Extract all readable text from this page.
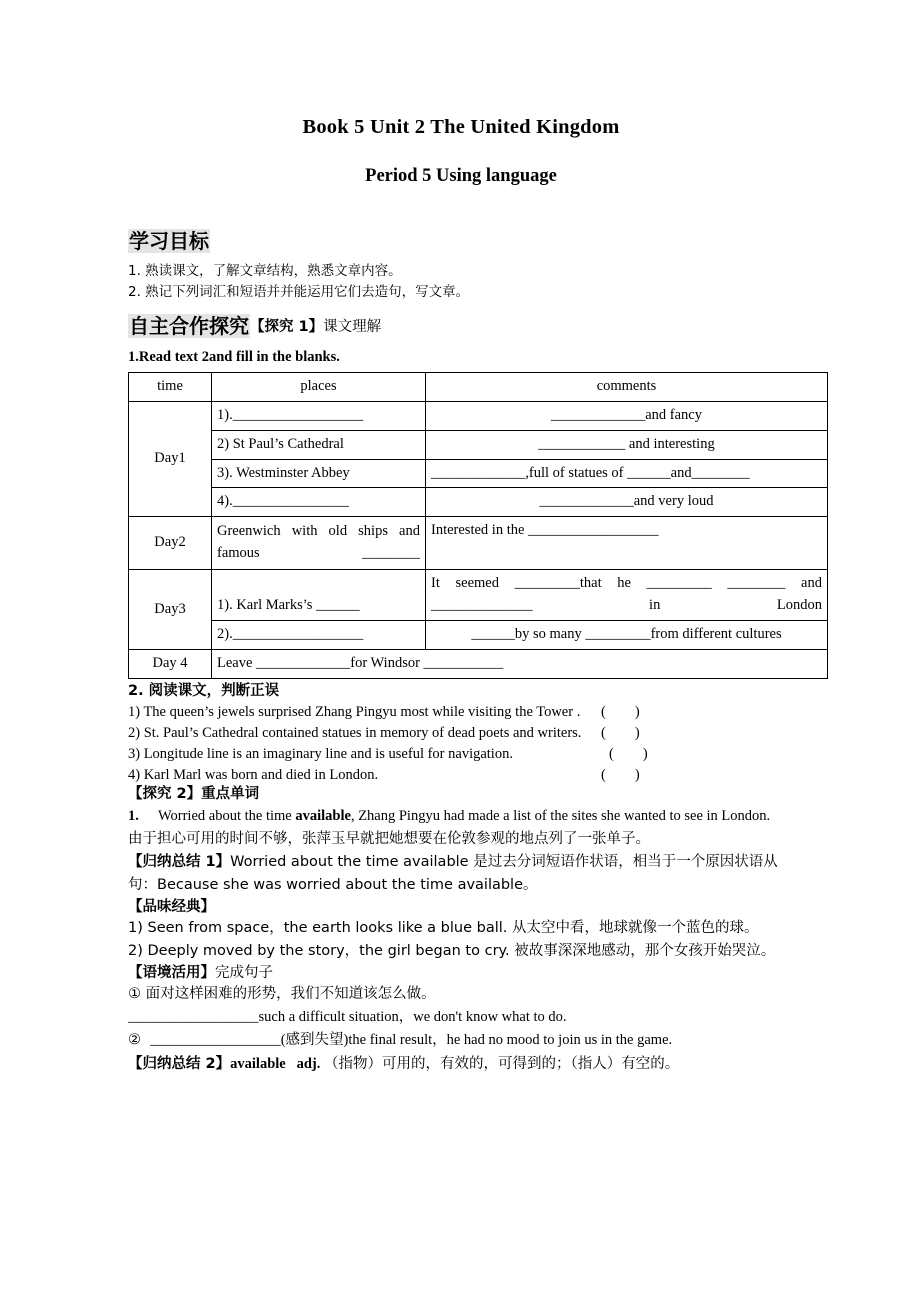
Book 5 Unit 2 The United Kingdom
Period 5 Using language
学习目标
1. 熟读课文，了解文章结构，熟悉文章内容。
2. 熟记下列词汇和短语并并能运用它们去造句，写文章。
自主合作探究【探究 1】课文理解
1.Read text 2and fill in the blanks.
time	places	comments
Day1	1).__________________	_____________and fancy
	2) St Paul’s Cathedral	____________ and interesting
	3). Westminster Abbey	_____________,full of statues of ______and________
	4).________________	_____________and very loud
Day2	Greenwich with old ships and famous ________	Interested in the __________________
Day3	1). Karl Marks’s ______	It seemed _________that he _________ ________ and ______________ in London
	2).__________________	______by so many _________from different cultures
Day 4	Leave _____________for Windsor ___________	
2. 阅读课文，判断正误
1) The queen’s jewels surprised Zhang Pingyu most while visiting the Tower . (        )
2) St. Paul’s Cathedral contained statues in memory of dead poets and writers. (        )
3) Longitude line is an imaginary line and is useful for navigation.	(        )
4) Karl Marl was born and died in London.	(        )
【探究 2】重点单词
1.	Worried about the time available, Zhang Pingyu had made a list of the sites she wanted to see in London.

由于担心可用的时间不够，张萍玉早就把她想要在伦敦参观的地点列了一张单子。

【归纳总结 1】Worried about the time available 是过去分词短语作状语，相当于一个原因状语从句：Because she was worried about the time available。

【品味经典】

1) Seen from space，the earth looks like a blue ball. 从太空中看，地球就像一个蓝色的球。

2) Deeply moved by the story，the girl began to cry. 被故事深深地感动，那个女孩开始哭泣。

【语境活用】完成句子

① 面对这样困难的形势，我们不知道该怎么做。

__________________such a difficult situation，we don't know what to do.

② __________________(感到失望)the final result，he had no mood to join us in the game.

【归纳总结 2】available adj. （指物）可用的，有效的，可得到的；（指人）有空的。
